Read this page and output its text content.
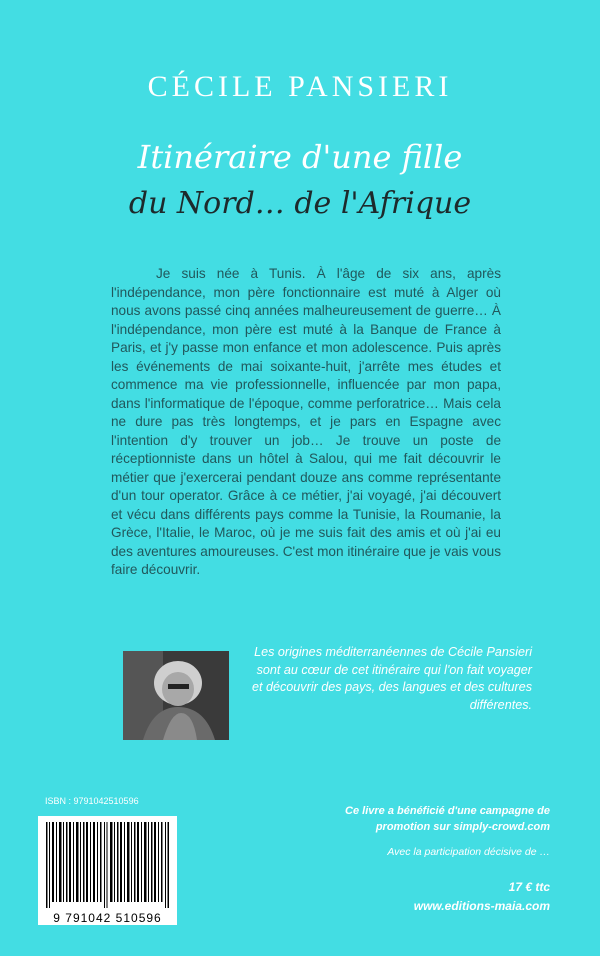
CÉCILE PANSIERI
Itinéraire d'une fille
du Nord… de l'Afrique
Je suis née à Tunis. À l'âge de six ans, après l'indépendance, mon père fonctionnaire est muté à Alger où nous avons passé cinq années malheureusement de guerre… À l'indépendance, mon père est muté à la Banque de France à Paris, et j'y passe mon enfance et mon adolescence. Puis après les événements de mai soixante-huit, j'arrête mes études et commence ma vie professionnelle, influencée par mon papa, dans l'informatique de l'époque, comme perforatrice… Mais cela ne dure pas très longtemps, et je pars en Espagne avec l'intention d'y trouver un job… Je trouve un poste de réceptionniste dans un hôtel à Salou, qui me fait découvrir le métier que j'exercerai pendant douze ans comme représentante d'un tour operator. Grâce à ce métier, j'ai voyagé, j'ai découvert et vécu dans différents pays comme la Tunisie, la Roumanie, la Grèce, l'Italie, le Maroc, où je me suis fait des amis et où j'ai eu des aventures amoureuses. C'est mon itinéraire que je vais vous faire découvrir.
Les origines méditerranéennes de Cécile Pansieri sont au cœur de cet itinéraire qui l'on fait voyager et découvrir des pays, des langues et des cultures différentes.
ISBN : 9791042510596
9 791042 510596
Ce livre a bénéficié d'une campagne de promotion sur simply-crowd.com
Avec la participation décisive de …
17 € ttc
www.editions-maia.com
